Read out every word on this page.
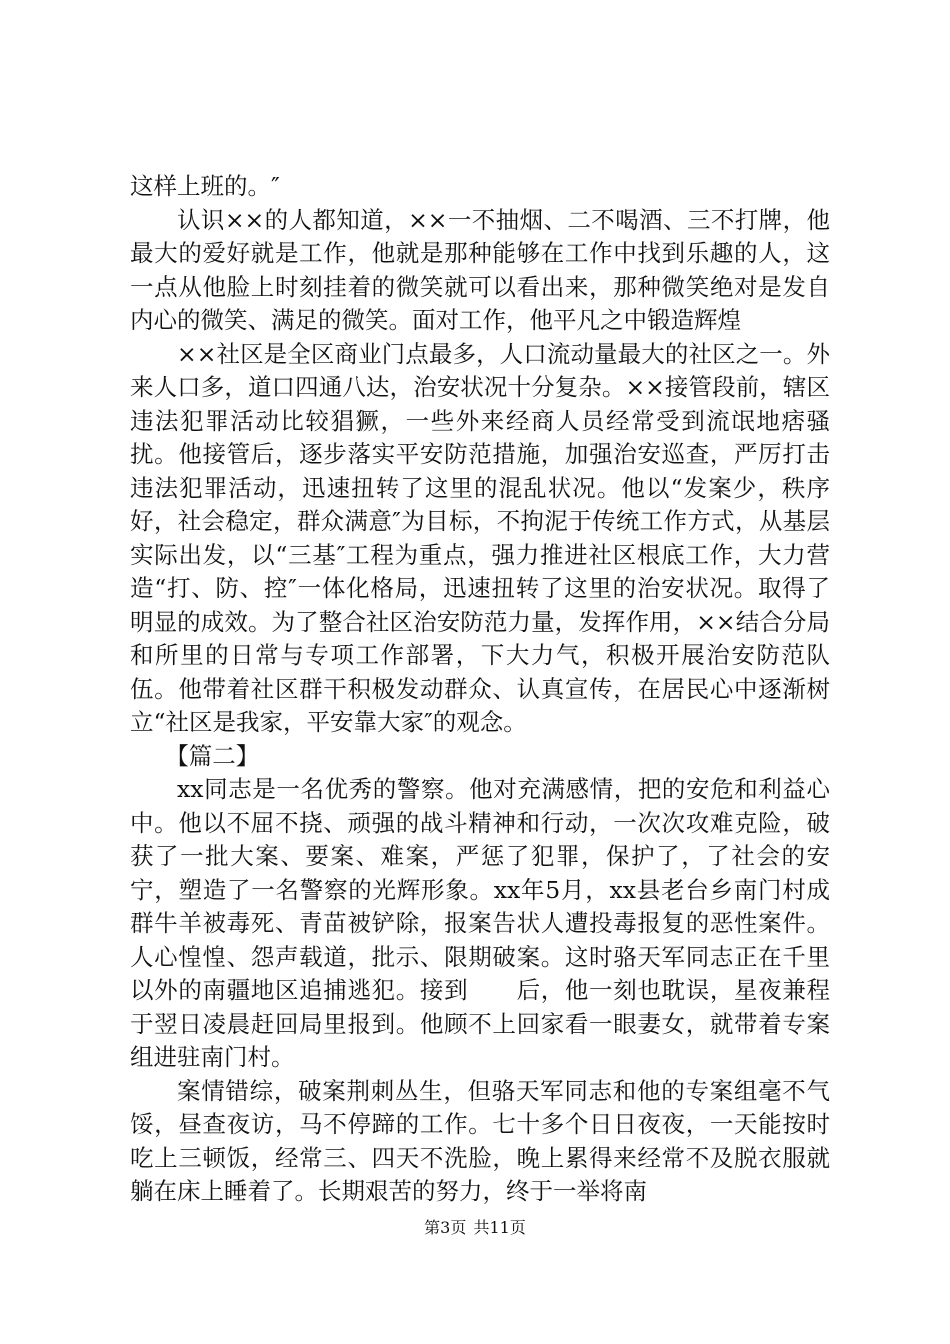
这样上班的。″

认识××的人都知道，××一不抽烟、二不喝酒、三不打牌，他最大的爱好就是工作，他就是那种能够在工作中找到乐趣的人，这一点从他脸上时刻挂着的微笑就可以看出来，那种微笑绝对是发自内心的微笑、满足的微笑。面对工作，他平凡之中锻造辉煌

××社区是全区商业门点最多，人口流动量最大的社区之一。外来人口多，道口四通八达，治安状况十分复杂。××接管段前，辖区违法犯罪活动比较猖獗，一些外来经商人员经常受到流氓地痞骚扰。他接管后，逐步落实平安防范措施，加强治安巡查，严厉打击违法犯罪活动，迅速扭转了这里的混乱状况。他以“发案少，秩序好，社会稳定，群众满意″为目标，不拘泥于传统工作方式，从基层实际出发，以“三基″工程为重点，强力推进社区根底工作，大力营造“打、防、控″一体化格局，迅速扭转了这里的治安状况。取得了明显的成效。为了整合社区治安防范力量，发挥作用，××结合分局和所里的日常与专项工作部署，下大力气，积极开展治安防范队伍。他带着社区群干积极发动群众、认真宣传，在居民心中逐渐树立“社区是我家，平安靠大家″的观念。

【篇二】

xx同志是一名优秀的警察。他对充满感情，把的安危和利益心中。他以不屈不挠、顽强的战斗精神和行动，一次次攻难克险，破获了一批大案、要案、难案，严惩了犯罪，保护了，了社会的安宁，塑造了一名警察的光辉形象。xx年5月，xx县老台乡南门村成群牛羊被毒死、青苗被铲除，报案告状人遭投毒报复的恶性案件。人心惶惶、怨声载道，批示、限期破案。这时骆天军同志正在千里以外的南疆地区追捕逃犯。接到　　后，他一刻也耽误，星夜兼程于翌日凌晨赶回局里报到。他顾不上回家看一眼妻女，就带着专案组进驻南门村。

案情错综，破案荆刺丛生，但骆天军同志和他的专案组毫不气馁，昼查夜访，马不停蹄的工作。七十多个日日夜夜，一天能按时吃上三顿饭，经常三、四天不洗脸，晚上累得来经常不及脱衣服就躺在床上睡着了。长期艰苦的努力，终于一举将南

第3页 共11页
